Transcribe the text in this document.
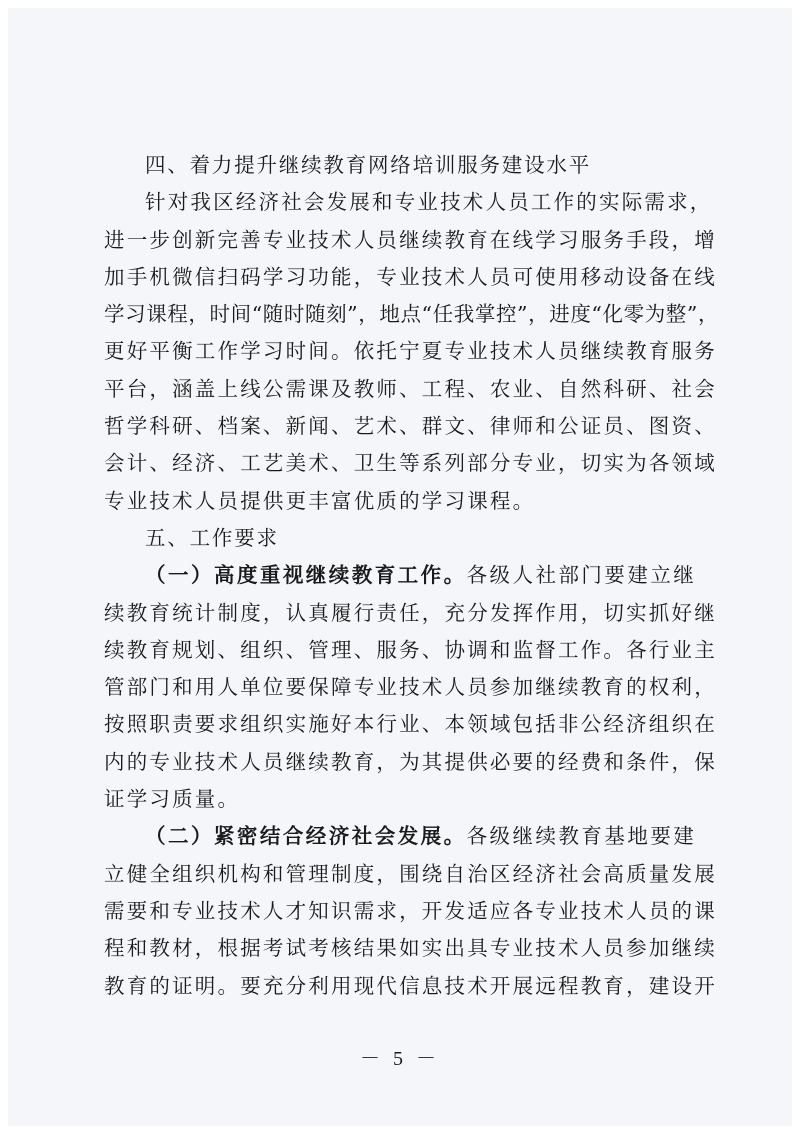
四、着力提升继续教育网络培训服务建设水平
针对我区经济社会发展和专业技术人员工作的实际需求，
进一步创新完善专业技术人员继续教育在线学习服务手段，增
加手机微信扫码学习功能，专业技术人员可使用移动设备在线
学习课程，时间“随时随刻”，地点“任我掌控”，进度“化零为整”，
更好平衡工作学习时间。依托宁夏专业技术人员继续教育服务
平台，涵盖上线公需课及教师、工程、农业、自然科研、社会
哲学科研、档案、新闻、艺术、群文、律师和公证员、图资、
会计、经济、工艺美术、卫生等系列部分专业，切实为各领域
专业技术人员提供更丰富优质的学习课程。
五、工作要求
（一）高度重视继续教育工作。各级人社部门要建立继
续教育统计制度，认真履行责任，充分发挥作用，切实抓好继
续教育规划、组织、管理、服务、协调和监督工作。各行业主
管部门和用人单位要保障专业技术人员参加继续教育的权利，
按照职责要求组织实施好本行业、本领域包括非公经济组织在
内的专业技术人员继续教育，为其提供必要的经费和条件，保
证学习质量。
（二）紧密结合经济社会发展。各级继续教育基地要建
立健全组织机构和管理制度，围绕自治区经济社会高质量发展
需要和专业技术人才知识需求，开发适应各专业技术人员的课
程和教材，根据考试考核结果如实出具专业技术人员参加继续
教育的证明。要充分利用现代信息技术开展远程教育，建设开
－ 5 －
